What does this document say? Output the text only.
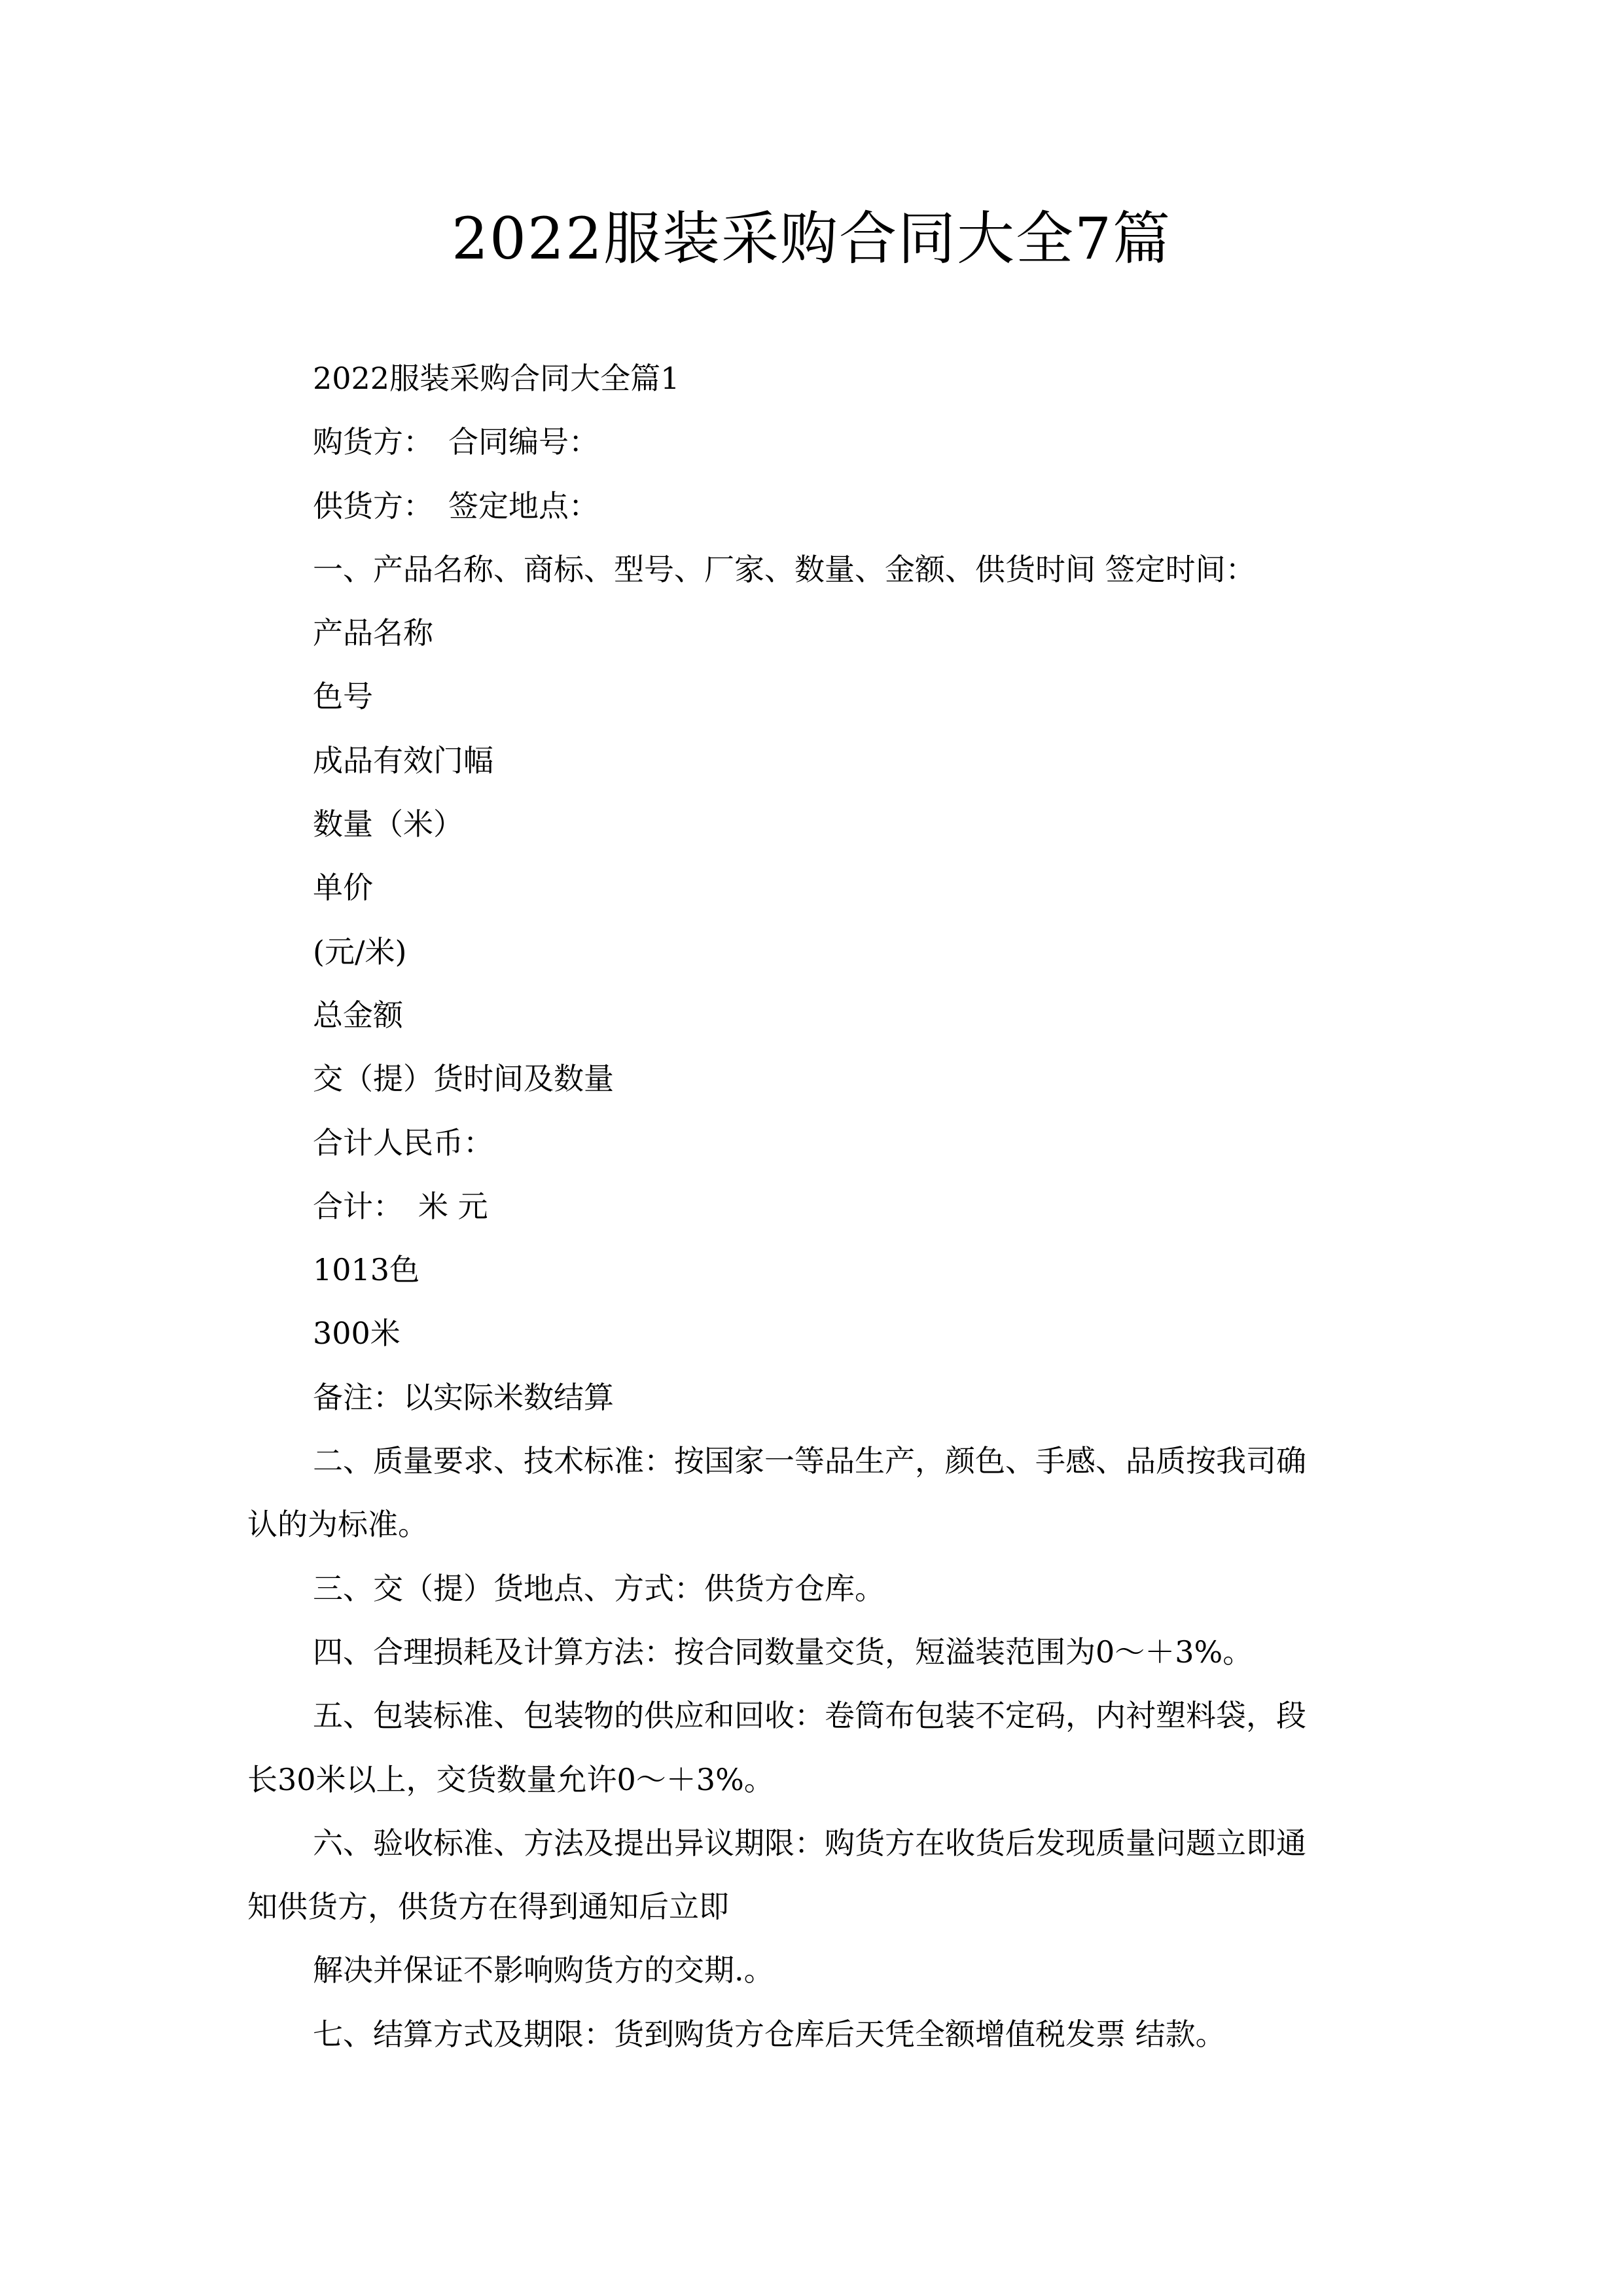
2022服装采购合同大全7篇

2022服装采购合同大全篇1

购货方：　合同编号：

供货方：　签定地点：

一、产品名称、商标、型号、厂家、数量、金额、供货时间 签定时间：

产品名称

色号

成品有效门幅

数量（米）

单价

(元/米)

总金额

交（提）货时间及数量

合计人民币：

合计：　米 元

1013色

300米

备注：以实际米数结算

二、质量要求、技术标准：按国家一等品生产，颜色、手感、品质按我司确
认的为标准。

三、交（提）货地点、方式：供货方仓库。

四、合理损耗及计算方法：按合同数量交货，短溢装范围为0～＋3%。

五、包装标准、包装物的供应和回收：卷筒布包装不定码，内衬塑料袋，段
长30米以上，交货数量允许0～＋3%。

六、验收标准、方法及提出异议期限：购货方在收货后发现质量问题立即通
知供货方，供货方在得到通知后立即

解决并保证不影响购货方的交期.。

七、结算方式及期限：货到购货方仓库后天凭全额增值税发票 结款。
